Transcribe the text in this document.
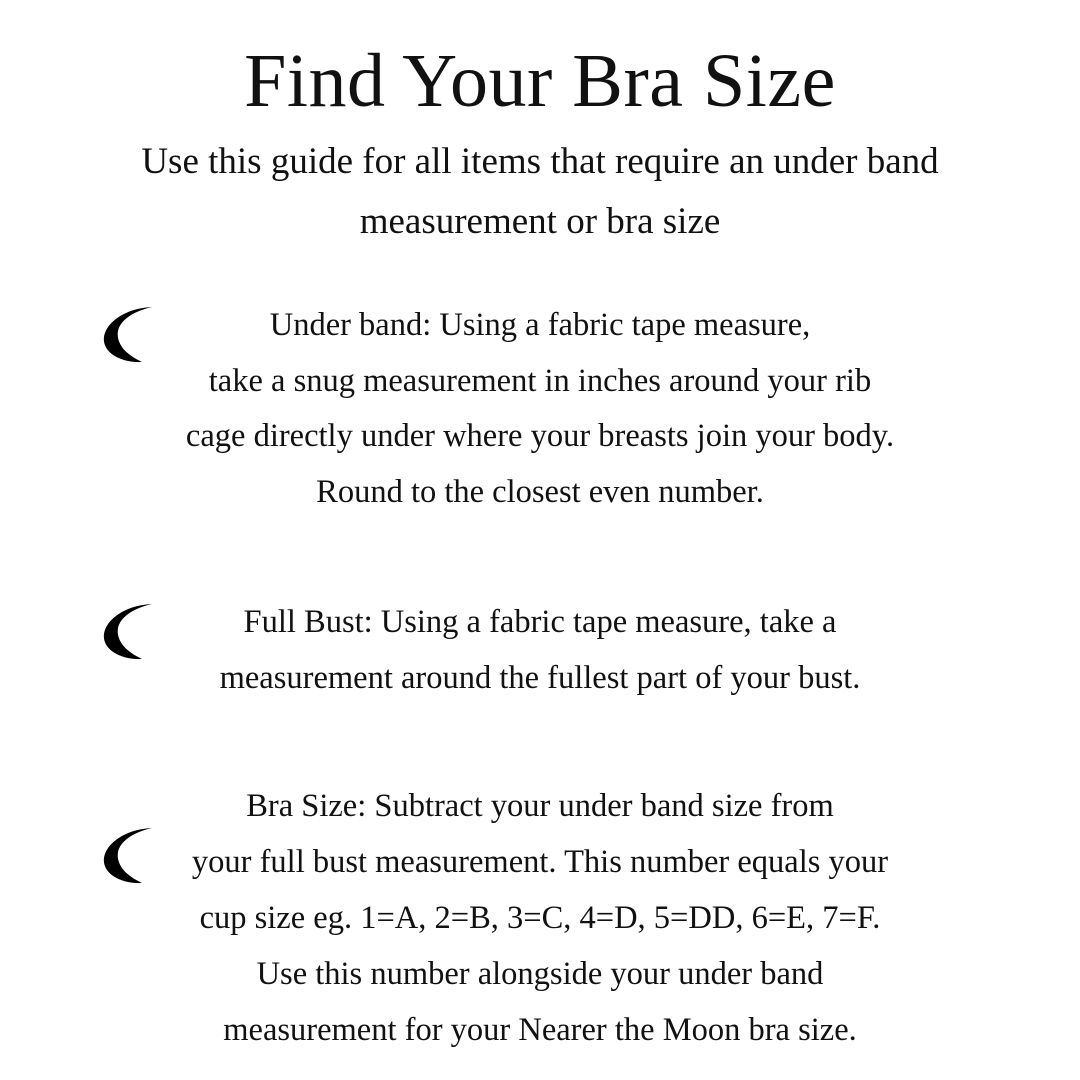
Find Your Bra Size
Use this guide for all items that require an under band measurement or bra size
Under band: Using a fabric tape measure,
take a snug measurement in inches around your rib
cage directly under where your breasts join your body.
Round to the closest even number.
Full Bust: Using a fabric tape measure, take a
measurement around the fullest part of your bust.
Bra Size: Subtract your under band size from
your full bust measurement. This number equals your
cup size eg. 1=A, 2=B, 3=C, 4=D, 5=DD, 6=E, 7=F.
Use this number alongside your under band
measurement for your Nearer the Moon bra size.
